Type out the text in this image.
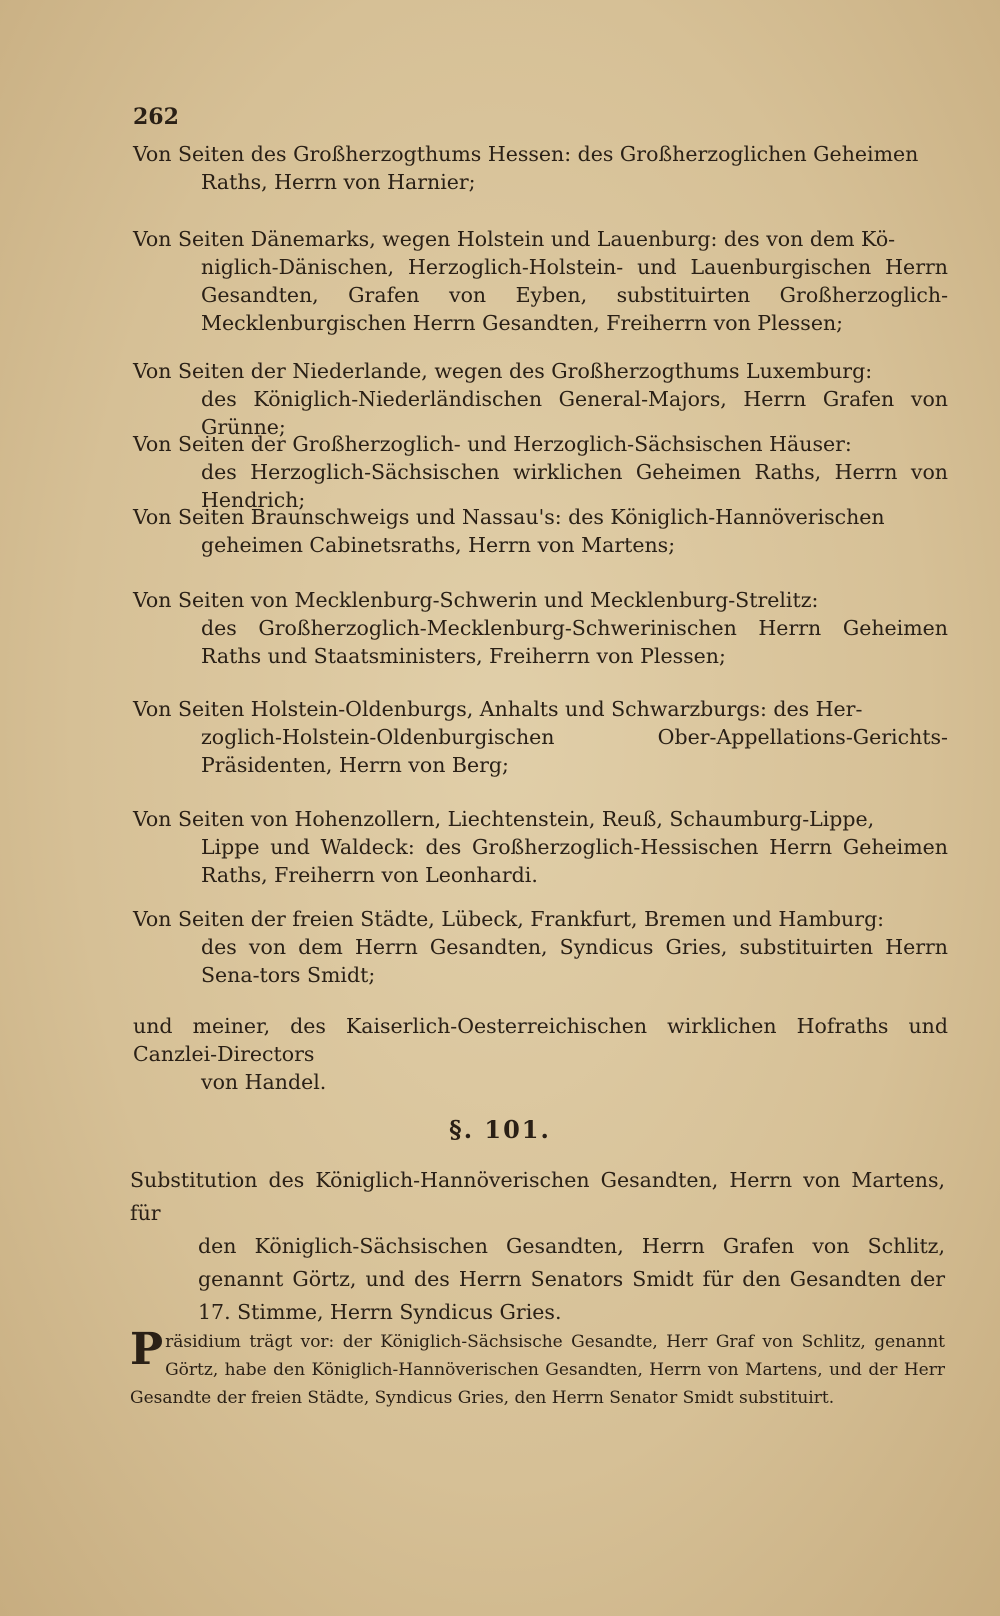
262
Von Seiten des Großherzogthums Hessen: des Großherzoglichen Geheimen
Raths, Herrn von Harnier;
Von Seiten Dänemarks, wegen Holstein und Lauenburg: des von dem Kö-
niglich-Dänischen, Herzoglich-Holstein- und Lauenburgischen Herrn Gesandten, Grafen von Eyben, substituirten Großherzoglich-Mecklenburgischen Herrn Gesandten, Freiherrn von Plessen;
Von Seiten der Niederlande, wegen des Großherzogthums Luxemburg:
des Königlich-Niederländischen General-Majors, Herrn Grafen von Grünne;
Von Seiten der Großherzoglich- und Herzoglich-Sächsischen Häuser:
des Herzoglich-Sächsischen wirklichen Geheimen Raths, Herrn von Hendrich;
Von Seiten Braunschweigs und Nassau's: des Königlich-Hannöverischen
geheimen Cabinetsraths, Herrn von Martens;
Von Seiten von Mecklenburg-Schwerin und Mecklenburg-Strelitz:
des Großherzoglich-Mecklenburg-Schwerinischen Herrn Geheimen Raths und Staatsministers, Freiherrn von Plessen;
Von Seiten Holstein-Oldenburgs, Anhalts und Schwarzburgs: des Her-
zoglich-Holstein-Oldenburgischen Ober-Appellations-Gerichts-Präsidenten, Herrn von Berg;
Von Seiten von Hohenzollern, Liechtenstein, Reuß, Schaumburg-Lippe,
Lippe und Waldeck: des Großherzoglich-Hessischen Herrn Geheimen Raths, Freiherrn von Leonhardi.
Von Seiten der freien Städte, Lübeck, Frankfurt, Bremen und Hamburg:
des von dem Herrn Gesandten, Syndicus Gries, substituirten Herrn Sena-tors Smidt;
und meiner, des Kaiserlich-Oesterreichischen wirklichen Hofraths und Canzlei-Directors
von Handel.
§. 101.
Substitution des Königlich-Hannöverischen Gesandten, Herrn von Martens, für
den Königlich-Sächsischen Gesandten, Herrn Grafen von Schlitz, genannt Görtz, und des Herrn Senators Smidt für den Gesandten der 17. Stimme, Herrn Syndicus Gries.
P räsidium trägt vor: der Königlich-Sächsische Gesandte, Herr Graf von Schlitz, genannt Görtz, habe den Königlich-Hannöverischen Gesandten, Herrn von Martens, und der Herr Gesandte der freien Städte, Syndicus Gries, den Herrn Senator Smidt substituirt.
